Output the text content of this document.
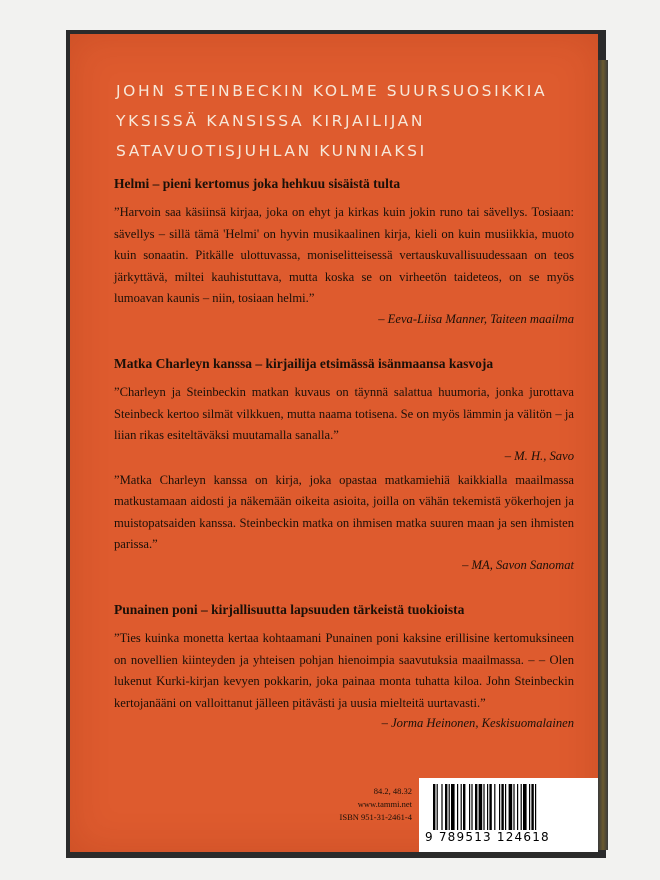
JOHN STEINBECKIN KOLME SUURSUOSIKKIA
YKSISSÄ KANSISSA KIRJAILIJAN
SATAVUOTISJUHLAN KUNNIAKSI
Helmi – pieni kertomus joka hehkuu sisäistä tulta
”Harvoin saa käsiinsä kirjaa, joka on ehyt ja kirkas kuin jokin runo tai sävellys. Tosiaan: sävellys – sillä tämä 'Helmi' on hyvin musikaalinen kirja, kieli on kuin musiikkia, muoto kuin sonaatin. Pitkälle ulottuvassa, moniselitteisessä vertauskuvallisuudessaan on teos järkyttävä, miltei kauhistuttava, mutta koska se on virheetön taideteos, on se myös lumoavan kaunis – niin, tosiaan helmi.”
– Eeva-Liisa Manner, Taiteen maailma
Matka Charleyn kanssa – kirjailija etsimässä isänmaansa kasvoja
”Charleyn ja Steinbeckin matkan kuvaus on täynnä salattua huumoria, jonka jurottava Steinbeck kertoo silmät vilkkuen, mutta naama totisena. Se on myös lämmin ja välitön – ja liian rikas esiteltäväksi muutamalla sanalla.”
– M. H., Savo
”Matka Charleyn kanssa on kirja, joka opastaa matkamiehiä kaikkialla maailmassa matkustamaan aidosti ja näkemään oikeita asioita, joilla on vähän tekemistä yökerhojen ja muistopatsaiden kanssa. Steinbeckin matka on ihmisen matka suuren maan ja sen ihmisten parissa.”
– MA, Savon Sanomat
Punainen poni – kirjallisuutta lapsuuden tärkeistä tuokioista
”Ties kuinka monetta kertaa kohtaamani Punainen poni kaksine erillisine kertomuksineen on novellien kiinteyden ja yhteisen pohjan hienoimpia saavutuksia maailmassa. – – Olen lukenut Kurki-kirjan kevyen pokkarin, joka painaa monta tuhatta kiloa. John Steinbeckin kertojanääni on valloittanut jälleen pitävästi ja uusia mielteitä uurtavasti.”
– Jorma Heinonen, Keskisuomalainen
84.2, 48.32
www.tammi.net
ISBN 951-31-2461-4
9 789513 124618
